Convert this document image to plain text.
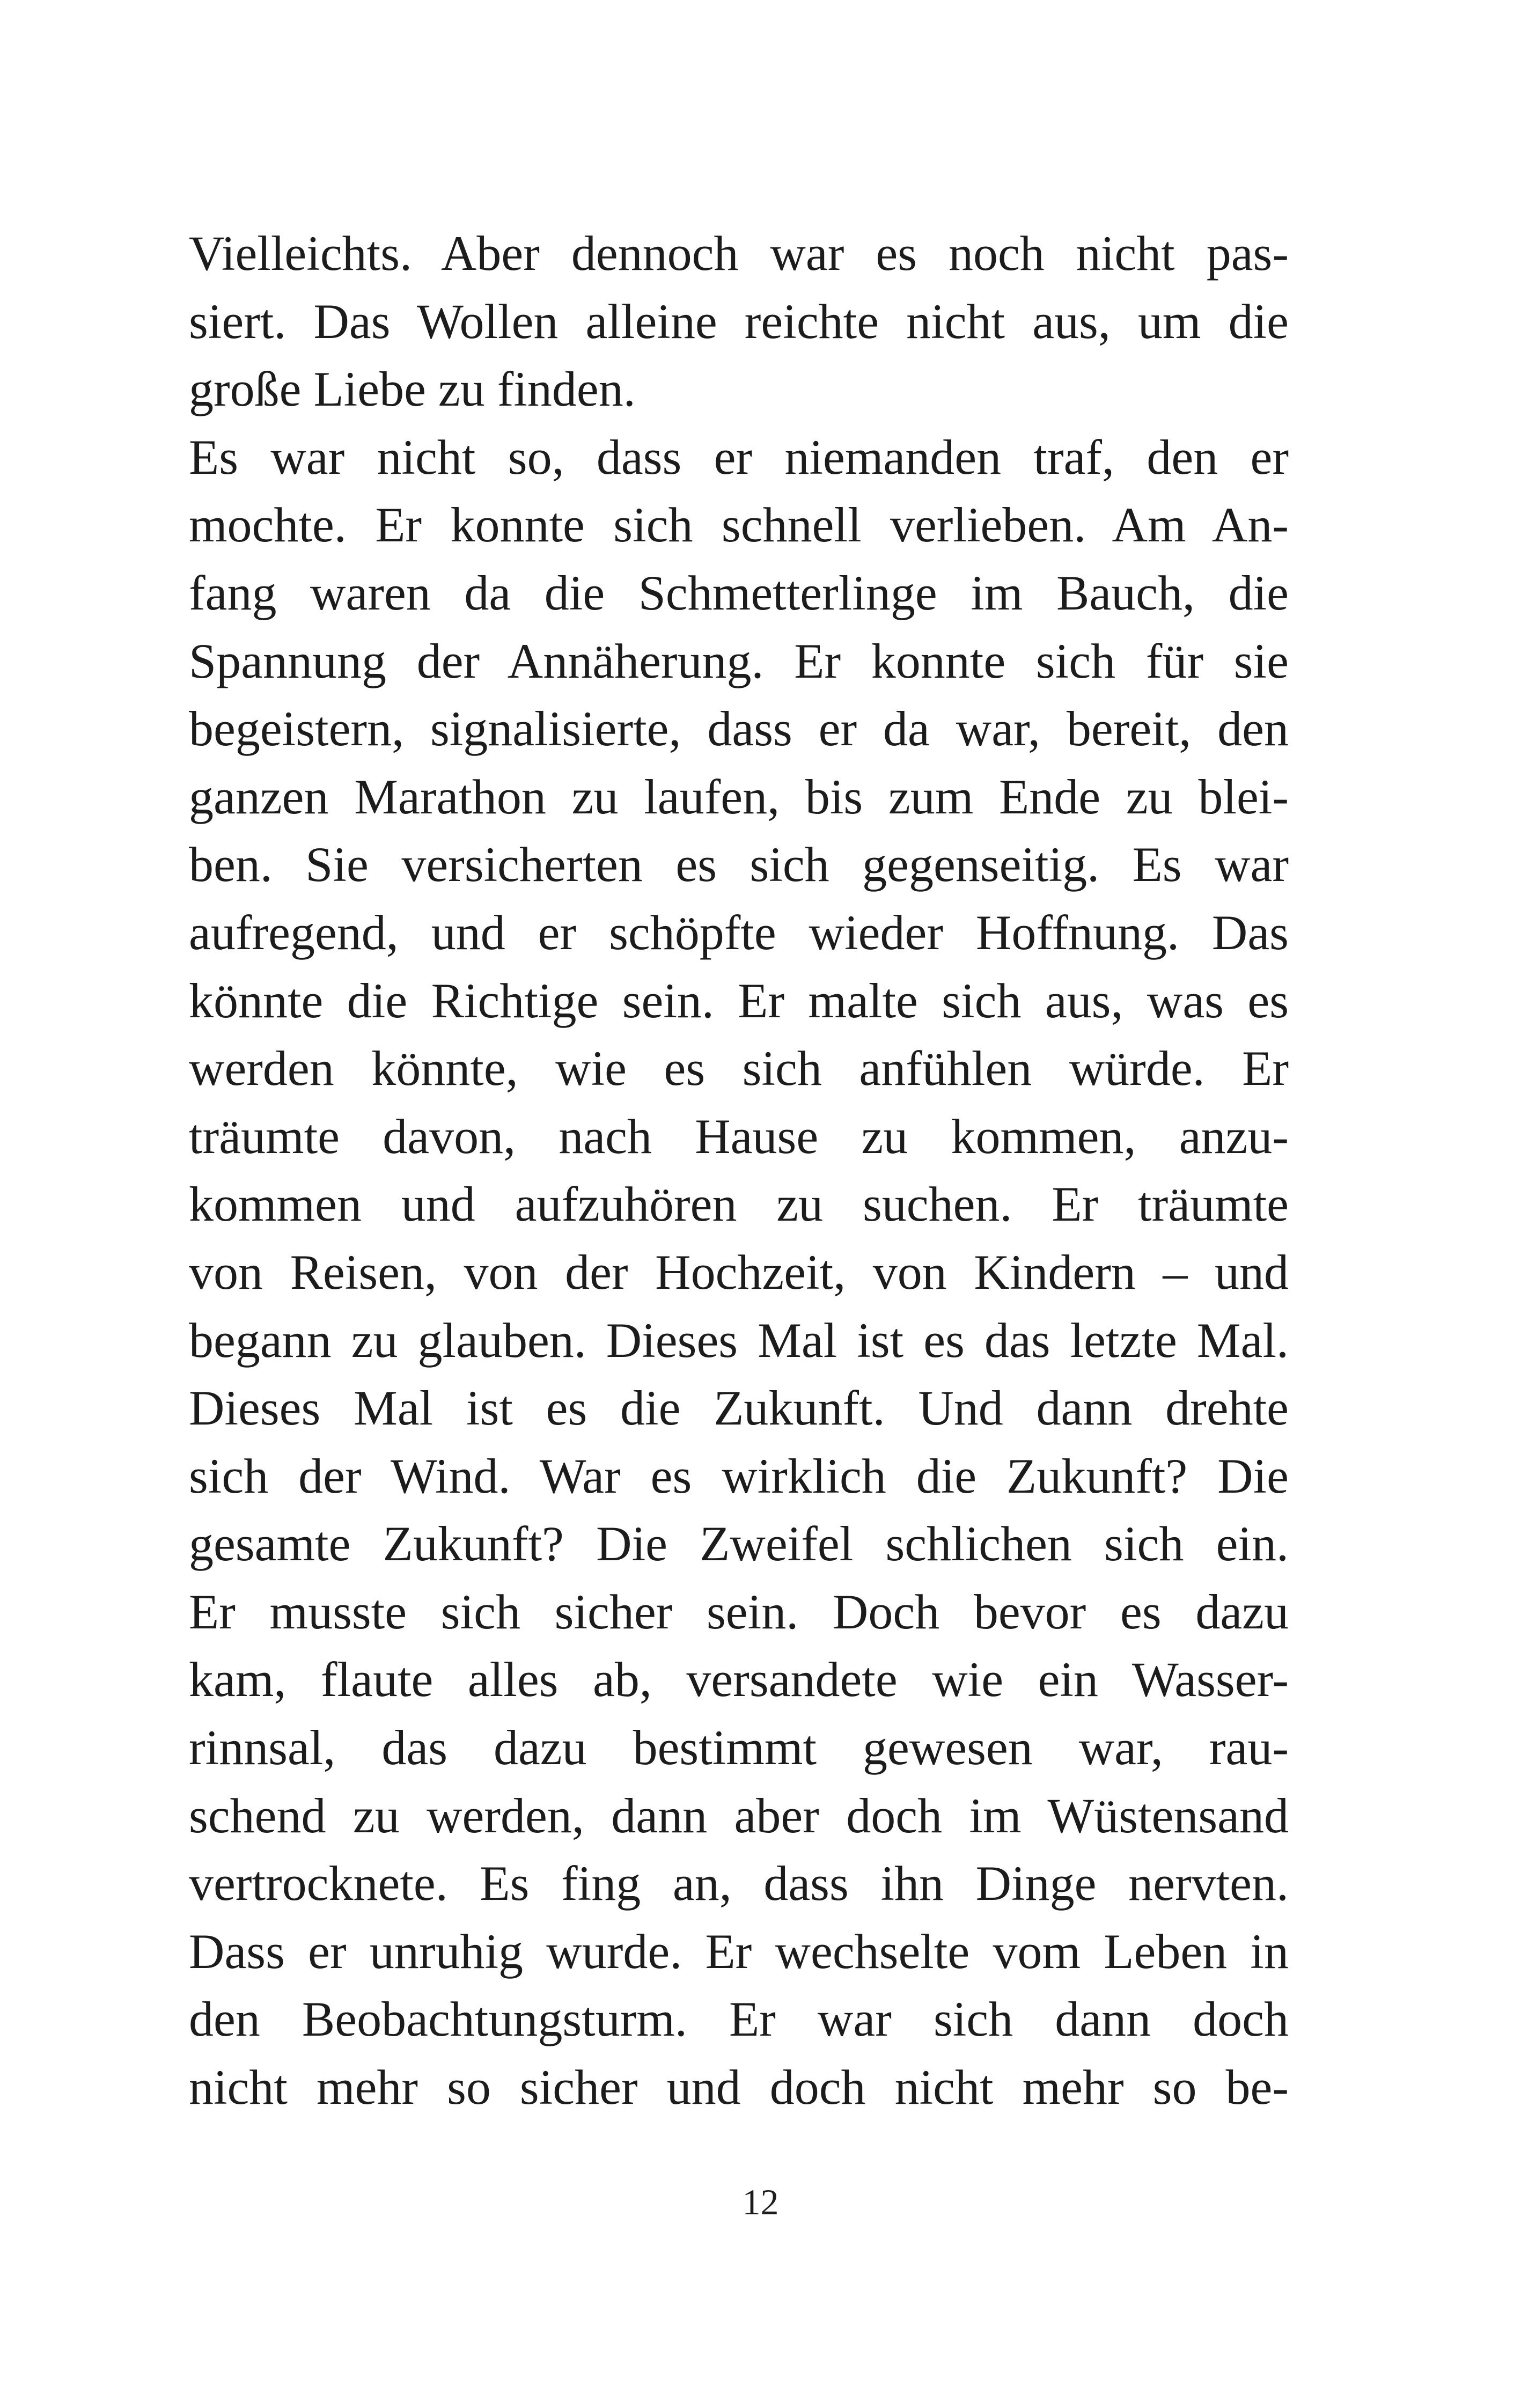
Vielleichts. Aber dennoch war es noch nicht pas-
siert. Das Wollen alleine reichte nicht aus, um die
große Liebe zu finden.
Es war nicht so, dass er niemanden traf, den er
mochte. Er konnte sich schnell verlieben. Am An-
fang waren da die Schmetterlinge im Bauch, die
Spannung der Annäherung. Er konnte sich für sie
begeistern, signalisierte, dass er da war, bereit, den
ganzen Marathon zu laufen, bis zum Ende zu blei-
ben. Sie versicherten es sich gegenseitig. Es war
aufregend, und er schöpfte wieder Hoffnung. Das
könnte die Richtige sein. Er malte sich aus, was es
werden könnte, wie es sich anfühlen würde. Er
träumte davon, nach Hause zu kommen, anzu-
kommen und aufzuhören zu suchen. Er träumte
von Reisen, von der Hochzeit, von Kindern – und
begann zu glauben. Dieses Mal ist es das letzte Mal.
Dieses Mal ist es die Zukunft. Und dann drehte
sich der Wind. War es wirklich die Zukunft? Die
gesamte Zukunft? Die Zweifel schlichen sich ein.
Er musste sich sicher sein. Doch bevor es dazu
kam, flaute alles ab, versandete wie ein Wasser-
rinnsal, das dazu bestimmt gewesen war, rau-
schend zu werden, dann aber doch im Wüstensand
vertrocknete. Es fing an, dass ihn Dinge nervten.
Dass er unruhig wurde. Er wechselte vom Leben in
den Beobachtungsturm. Er war sich dann doch
nicht mehr so sicher und doch nicht mehr so be-
12
